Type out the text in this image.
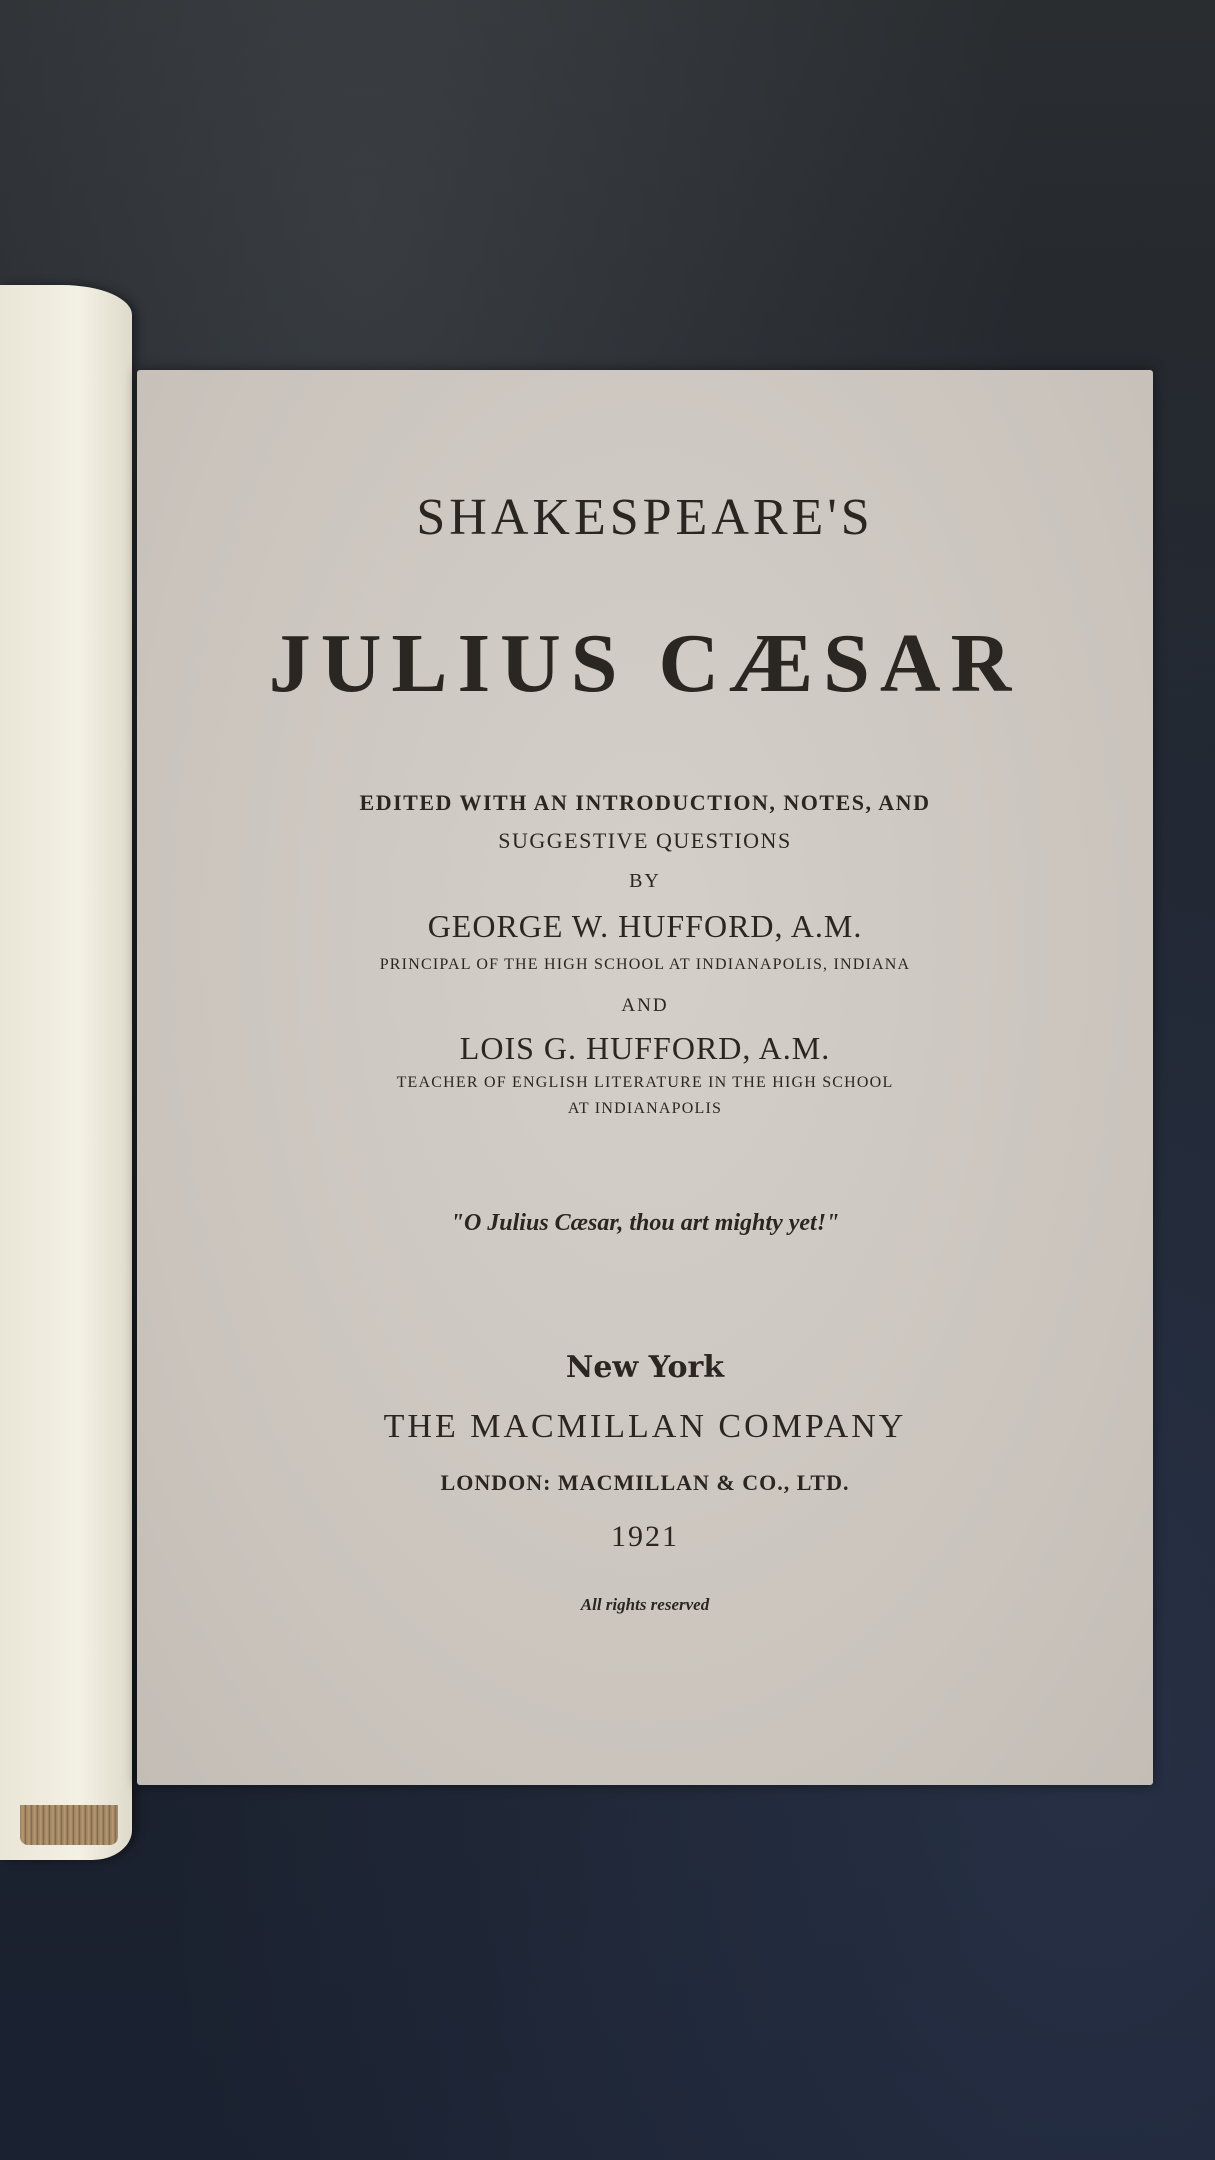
SHAKESPEARE'S

JULIUS CÆSAR

EDITED WITH AN INTRODUCTION, NOTES, AND

SUGGESTIVE QUESTIONS

BY

GEORGE W. HUFFORD, A.M.

PRINCIPAL OF THE HIGH SCHOOL AT INDIANAPOLIS, INDIANA

AND

LOIS G. HUFFORD, A.M.

TEACHER OF ENGLISH LITERATURE IN THE HIGH SCHOOL

AT INDIANAPOLIS

"O Julius Cæsar, thou art mighty yet!"

New York

THE MACMILLAN COMPANY

LONDON: MACMILLAN & CO., LTD.

1921

All rights reserved
